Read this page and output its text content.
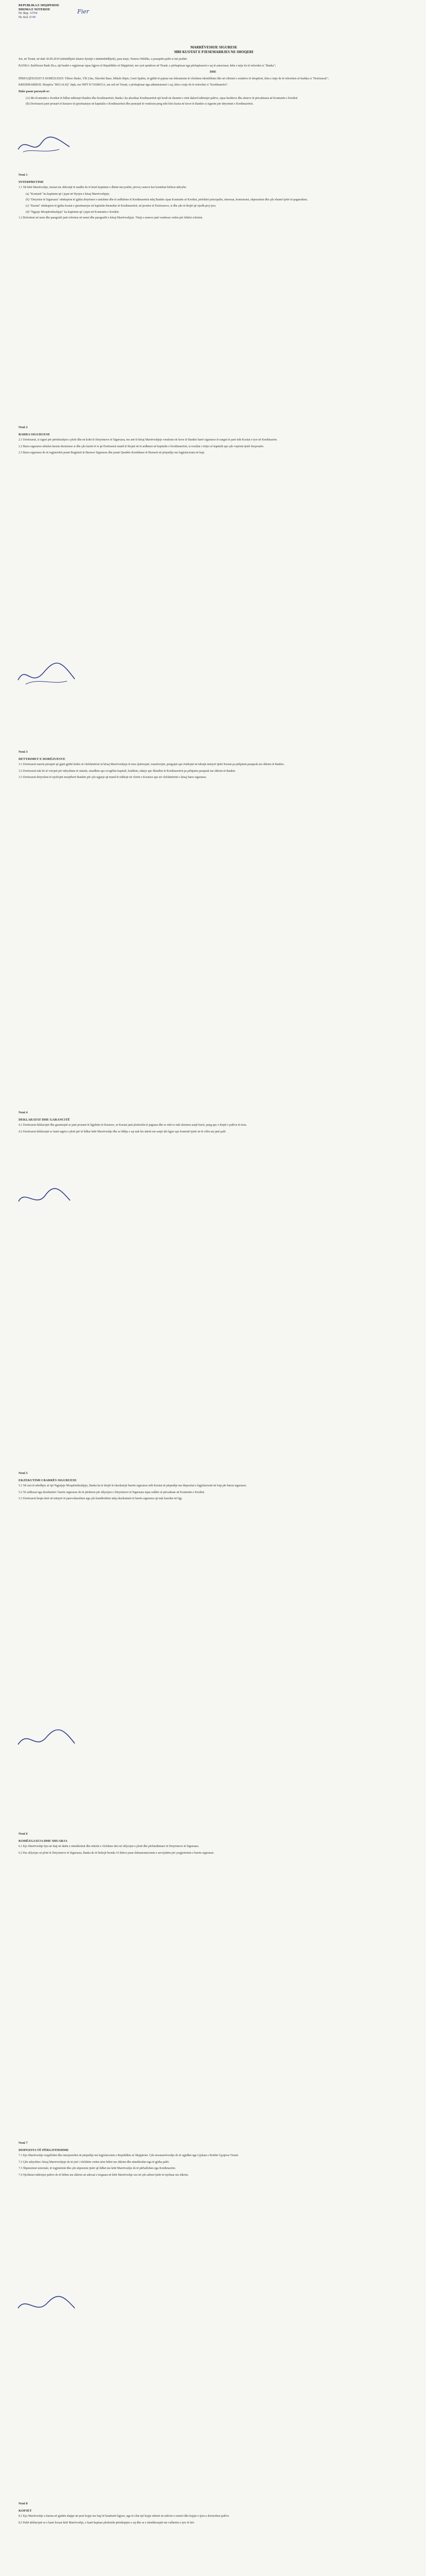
REPUBLIKA E SHQIPERISE
DHOMA E NOTERISE
Nr. Rep. 10764
Nr. Kol. 6749
Fier
MARRËVESHJE SIGURESE
MBI KUOTAT E PJESEMARRJES NE SHOQERI

Sot, në Tiranë, në datë 30.09.2019 (nëntëdhjetë shtator dymijë e nëntëmbëdhjetë), para meje, Noteres Publike, u paraqitën palët si më poshtë:

BANKA: Raiffeisen Bank Sh.a, një bankë e regjistruar sipas ligjeve të Republikës së Shqipërisë, me zyrë qendrore në Tiranë, e përfaqësuar nga përfaqësuesit e saj të autorizuar, këtu e tutje do të referohet si "Banka";

DHE

PËRFAQËSUESIT E DORËZUESIT: Ylbere Sheko, Ylli Lika, Xhevdet Baze, Mikele Ripio, Gerti Spahiu, të gjithë të pajisur me dokumente të vlefshme identifikimi dhe në cilësinë e ortakëve të shoqërisë, këtu e tutje do të referohen së bashku si "Dorëzuesit";

KREDIMARRESI: Shoqëria "REGALIQ" shpk, me NIPT K71928015A, me seli në Tiranë, e përfaqësuar nga administratori i saj, këtu e tutje do të referohet si "Kredimarrësi".

Duke pasur parasysh se:

(A) Me Kontratën e Kredisë të lidhur ndërmjet Bankës dhe Kredimarrësit, Banka i ka akorduar Kredimarrësit një kredi në shumën e rënë dakord ndërmjet palëve, sipas kushteve dhe afateve të përcaktuara në Kontratën e Kredisë.

(B) Dorëzuesit janë pronarë të kuotave të pjesëmarrjes në kapitalin e Kredimarrësit dhe pranojnë të vendosin peng mbi këto kuota në favor të Bankës si sigurim për detyrimet e Kredimarrësit.

Neni 1
INTERPRETIMI

1.1 Në këtë Marrëveshje, termat me shkronjë të madhe do të kenë kuptimin e dhënë më poshtë, përveç rasteve kur konteksti kërkon ndryshe:

(a) "Kontratë" ka kuptimin që i jepet në Hyrjen e kësaj Marrëveshjeje;

(b) "Detyrime të Siguruara" nënkupton të gjitha detyrimet e tanishme dhe të ardhshme të Kredimarrësit ndaj Bankës sipas Kontratës së Kredisë, përfshirë principalin, interesat, komisionet, shpenzimet dhe çdo shumë tjetër të pagueshme;

(c) "Kuotat" nënkupton të gjitha kuotat e pjesëmarrjes në kapitalin themeltar të Kredimarrësit, në pronësi të Dorëzuesve, si dhe çdo të drejtë që rrjedh prej tyre;

(d) "Ngjarje Mospërmbushjeje" ka kuptimin që i jepet në Kontratën e Kredisë.

1.2 Referimet në nene dhe paragrafë janë referime në nenet dhe paragrafët e kësaj Marrëveshjeje. Titujt e neneve janë vendosur vetëm për lehtësi referimi.

Neni 2
BARRA SIGURUESE

2.1 Dorëzuesit, si siguri për përmbushjen e plotë dhe në kohë të Detyrimeve të Siguruara, me anë të kësaj Marrëveshjeje vendosin në favor të Bankës barrë siguruese të rangut të parë mbi Kuotat e tyre në Kredimarrës.

2.2 Barra siguruese mbulon kuotat ekzistuese si dhe çdo kuotë të re që Dorëzuesit mund të fitojnë në të ardhmen në kapitalin e Kredimarrësit, si rezultat i rritjes së kapitalit apo çdo veprimi tjetër korporativ.

2.3 Barra siguruese do të regjistrohet pranë Regjistrit të Barrave Siguruese dhe pranë Qendrës Kombëtare të Biznesit në përputhje me legjislacionin në fuqi.

Neni 3
DETYRIMET E DORËZUESVE

3.1 Dorëzuesit marrin përsipër që gjatë gjithë kohës së vlefshmërisë së kësaj Marrëveshjeje të mos tjetërsojnë, transferojnë, pengojnë apo rëndojnë në ndonjë mënyrë tjetër Kuotat pa pëlqimin paraprak me shkrim të Bankës.

3.2 Dorëzuesit nuk do të votojnë për ndryshime të statutit, zmadhim apo zvogëlim kapitali, bashkim, ndarje apo likuidim të Kredimarrësit pa pëlqimin paraprak me shkrim të Bankës.

3.3 Dorëzuesit detyrohen të njoftojnë menjëherë Bankën për çdo ngjarje që mund të ndikojë në vlerën e Kuotave apo në vlefshmërinë e kësaj barre siguruese.

Neni 4
DEKLARATAT DHE GARANCITË

4.1 Dorëzuesit deklarojnë dhe garantojnë se janë pronarë të ligjshëm të Kuotave, se Kuotat janë plotësisht të paguara dhe se mbi to nuk ekziston asnjë barrë, peng apo e drejtë e palëve të treta.

4.2 Dorëzuesit deklarojnë se kanë tagrin e plotë për të lidhur këtë Marrëveshje dhe se lidhja e saj nuk bie ndesh me asnjë akt ligjor apo kontratë tjetër në të cilën ata janë palë.

Neni 5
EKZEKUTIMI I BARRËS SIGURUESE

5.1 Në rast të ndodhjes së një Ngjarjeje Mospërmbushjeje, Banka ka të drejtë të ekzekutojë barrën siguruese mbi Kuotat në përputhje me dispozitat e legjislacionit në fuqi për barrat siguruese.

5.2 Të ardhurat nga ekzekutimi i barrës siguruese do të përdoren për shlyerjen e Detyrimeve të Siguruara sipas radhës së përcaktuar në Kontratën e Kredisë.

5.3 Dorëzuesit heqin dorë në mënyrë të parevokueshme nga çdo kundërshtim ndaj ekzekutimit të barrës siguruese që nuk bazohet në ligj.

Neni 6
KOHËZGJATJA DHE SHUARJA

6.1 Kjo Marrëveshje hyn në fuqi në datën e nënshkrimit dhe mbetet e vlefshme deri në shlyerjen e plotë dhe përfundimtare të Detyrimeve të Siguruara.

6.2 Pas shlyerjes së plotë të Detyrimeve të Siguruara, Banka do të lëshojë brenda 10 ditëve pune dokumentacionin e nevojshëm për çregjistrimin e barrës siguruese.

Neni 7
DISPOZITA TË PËRGJITHSHME

7.1 Kjo Marrëveshje rregullohet dhe interpretohet në përputhje me legjislacionin e Republikës së Shqipërisë. Çdo mosmarrëveshje do të zgjidhet nga Gjykata e Rrethit Gjyqësor Tiranë.

7.2 Çdo ndryshim i kësaj Marrëveshjeje do të jetë i vlefshëm vetëm nëse bëhet me shkrim dhe nënshkruhet nga të gjitha palët.

7.3 Shpenzimet noteriale, të regjistrimit dhe çdo shpenzim tjetër që lidhet me këtë Marrëveshje do të përballohen nga Kredimarrësi.

7.4 Njoftimet ndërmjet palëve do të bëhen me shkrim në adresat e treguara në këtë Marrëveshje ose në çdo adresë tjetër të njoftuar me shkrim.

Neni 8
KOPJET

8.1 Kjo Marrëveshje u hartua në gjuhën shqipe në pesë kopje me fuqi të barabartë ligjore, nga të cilat një kopje mbetet në arkivin e noterit dhe kopjet e tjera u dorëzohen palëve.

8.2 Palët deklarojnë se e kanë lexuar këtë Marrëveshje, e kanë kuptuar plotësisht përmbajtjen e saj dhe se e nënshkruajnë me vullnetin e tyre të lirë.
